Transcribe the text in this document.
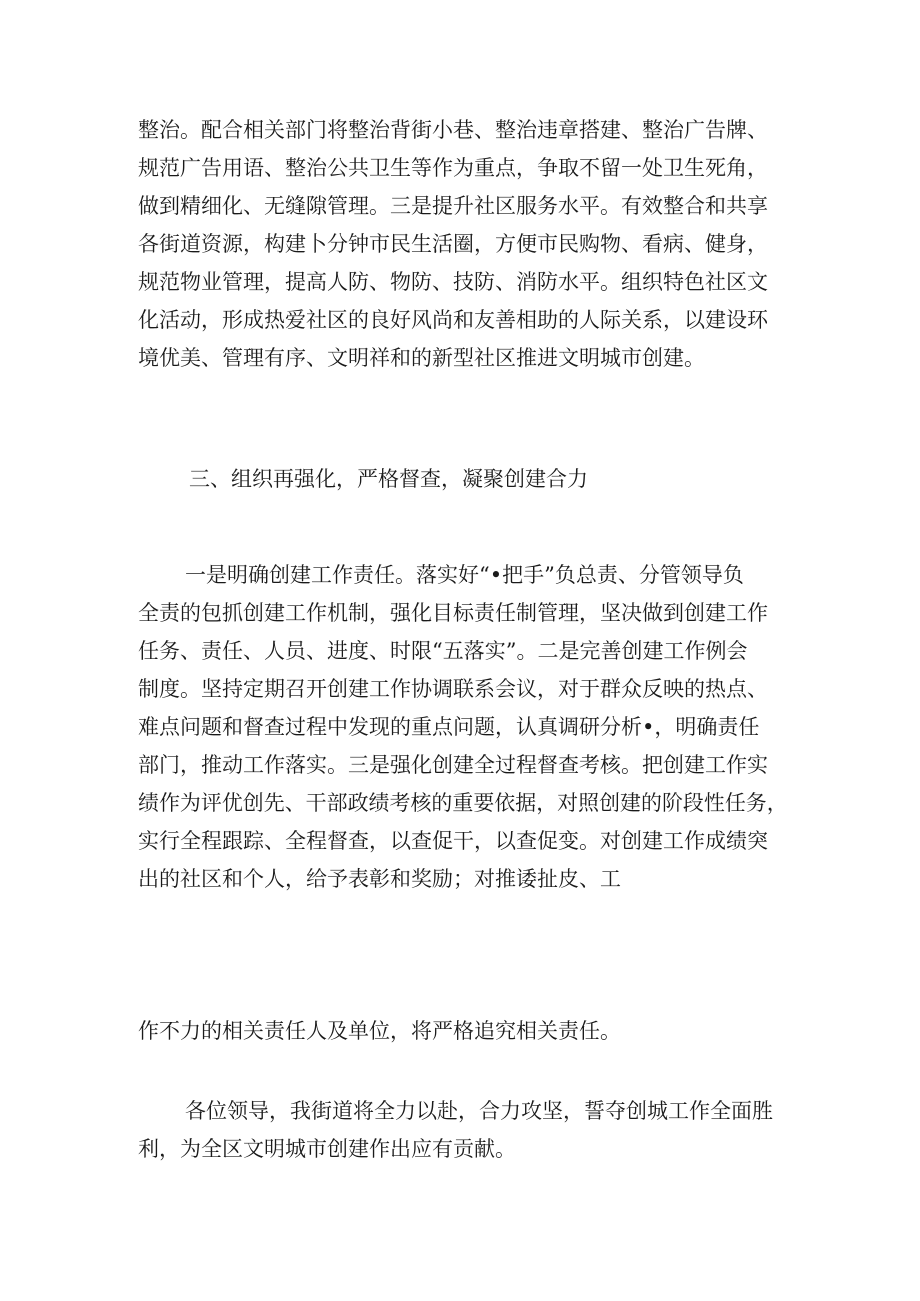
整治。配合相关部门将整治背街小巷、整治违章搭建、整治广告牌、
规范广告用语、整治公共卫生等作为重点，争取不留一处卫生死角，
做到精细化、无缝隙管理。三是提升社区服务水平。有效整合和共享
各街道资源，构建卜分钟市民生活圈，方便市民购物、看病、健身，
规范物业管理，提高人防、物防、技防、消防水平。组织特色社区文
化活动，形成热爱社区的良好风尚和友善相助的人际关系，以建设环
境优美、管理有序、文明祥和的新型社区推进文明城市创建。
三、组织再强化，严格督查，凝聚创建合力
一是明确创建工作责任。落实好“•把手”负总责、分管领导负
全责的包抓创建工作机制，强化目标责任制管理，坚决做到创建工作
任务、责任、人员、进度、时限“五落实”。二是完善创建工作例会
制度。坚持定期召开创建工作协调联系会议，对于群众反映的热点、
难点问题和督查过程中发现的重点问题，认真调研分析•，明确责任
部门，推动工作落实。三是强化创建全过程督查考核。把创建工作实
绩作为评优创先、干部政绩考核的重要依据，对照创建的阶段性任务，
实行全程跟踪、全程督查，以查促干，以查促变。对创建工作成绩突
出的社区和个人，给予表彰和奖励；对推诿扯皮、工
作不力的相关责任人及单位，将严格追究相关责任。
各位领导，我街道将全力以赴，合力攻坚，誓夺创城工作全面胜
利，为全区文明城市创建作出应有贡献。
